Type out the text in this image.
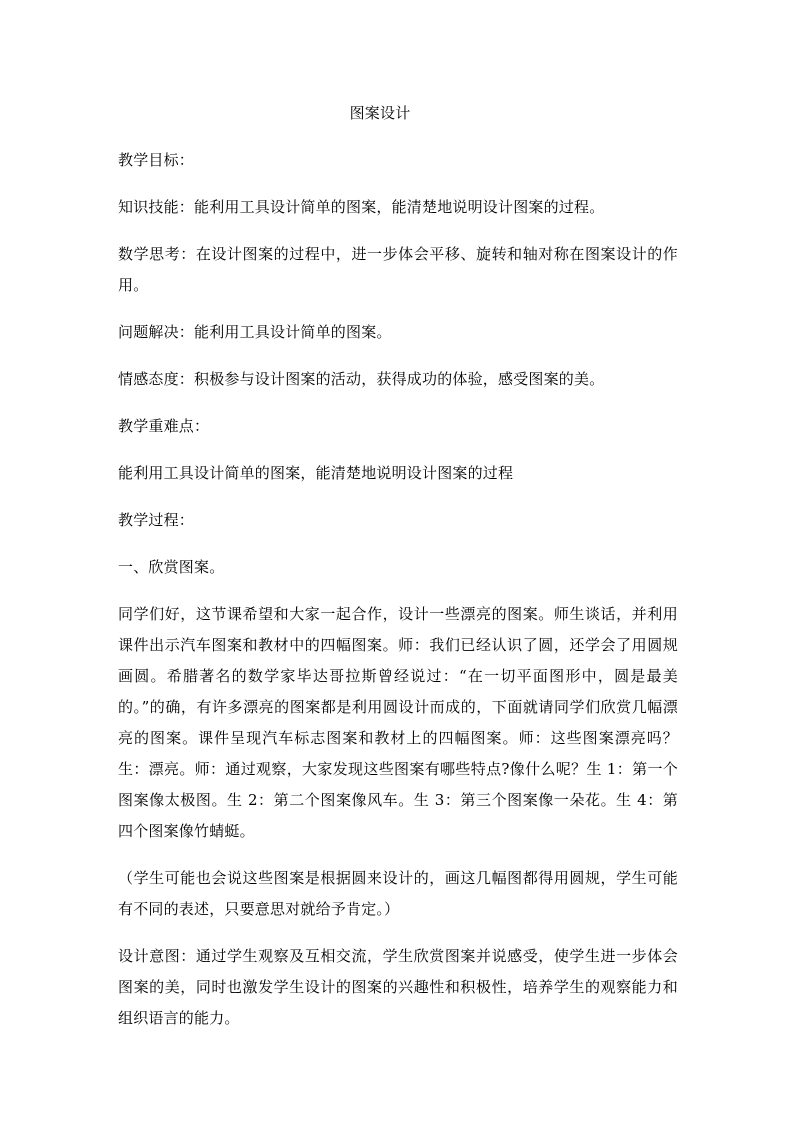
图案设计

教学目标：

知识技能：能利用工具设计简单的图案，能清楚地说明设计图案的过程。

数学思考：在设计图案的过程中，进一步体会平移、旋转和轴对称在图案设计的作用。

问题解决：能利用工具设计简单的图案。

情感态度：积极参与设计图案的活动，获得成功的体验，感受图案的美。

教学重难点：

能利用工具设计简单的图案，能清楚地说明设计图案的过程

教学过程：

一、欣赏图案。

同学们好，这节课希望和大家一起合作，设计一些漂亮的图案。师生谈话，并利用课件出示汽车图案和教材中的四幅图案。师：我们已经认识了圆，还学会了用圆规画圆。希腊著名的数学家毕达哥拉斯曾经说过：“在一切平面图形中，圆是最美的。”的确，有许多漂亮的图案都是利用圆设计而成的，下面就请同学们欣赏几幅漂亮的图案。课件呈现汽车标志图案和教材上的四幅图案。师：这些图案漂亮吗？生：漂亮。师：通过观察，大家发现这些图案有哪些特点?像什么呢？生 1：第一个图案像太极图。生 2：第二个图案像风车。生 3：第三个图案像一朵花。生 4：第四个图案像竹蜻蜓。

（学生可能也会说这些图案是根据圆来设计的，画这几幅图都得用圆规，学生可能有不同的表述，只要意思对就给予肯定。）

设计意图：通过学生观察及互相交流，学生欣赏图案并说感受，使学生进一步体会图案的美，同时也激发学生设计的图案的兴趣性和积极性，培养学生的观察能力和组织语言的能力。
